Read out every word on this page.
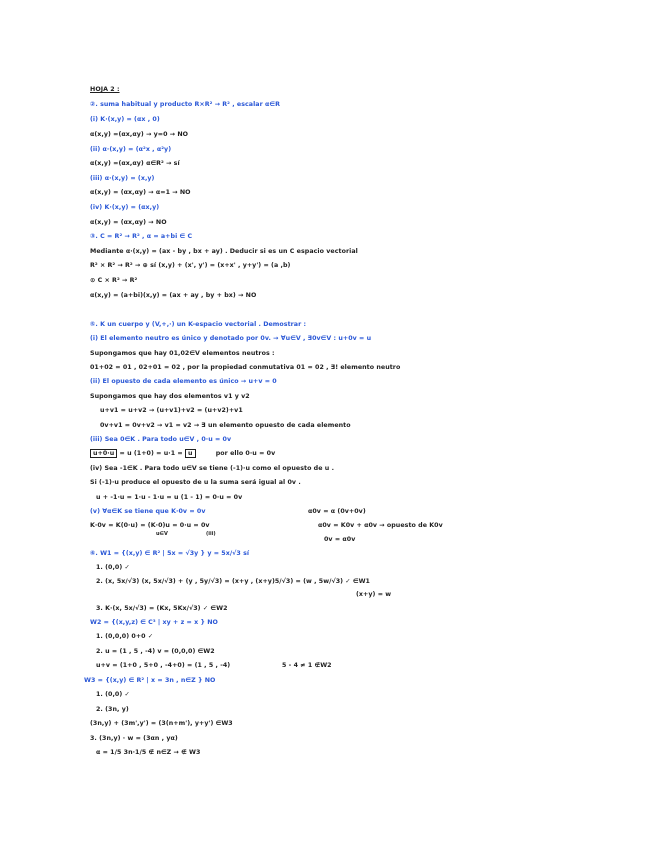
HOJA 2 :
②. suma habitual y producto R×R² → R² , escalar α∈R
(i) K·(x,y) = (αx , 0)
α(x,y) =(αx,αy) → y=0 → NO
(ii) α·(x,y) = (α²x , α²y)
α(x,y) =(αx,αy) α∈R² → sí
(iii) α·(x,y) = (x,y)
α(x,y) = (αx,αy) → α=1 → NO
(iv) K·(x,y) = (αx,y)
α(x,y) = (αx,αy) → NO
③. C = R² → R² , α = a+bi ∈ C
Mediante α·(x,y) = (ax - by , bx + ay) . Deducir si es un C espacio vectorial
R² × R² → R² → ⊕ sí (x,y) + (x', y') = (x+x' , y+y') = (a ,b)
⊙ C × R² → R²
α(x,y) = (a+bi)(x,y) = (ax + ay , by + bx) → NO
⑤. K un cuerpo y (V,+,·) un K-espacio vectorial . Demostrar :
(i) El elemento neutro es único y denotado por 0v. → ∀u∈V , ∃0v∈V : u+0v = u
Supongamos que hay 01,02∈V elementos neutros :
01+02 = 01 , 02+01 = 02 , por la propiedad conmutativa 01 = 02 , ∃! elemento neutro
(ii) El opuesto de cada elemento es único → u+v = 0
Supongamos que hay dos elementos v1 y v2
u+v1 = u+v2 → (u+v1)+v2 = (u+v2)+v1
0v+v1 = 0v+v2 → v1 = v2 → ∃ un elemento opuesto de cada elemento
(iii) Sea 0∈K . Para todo u∈V , 0·u = 0v
u+0·u = u (1+0) = u·1 = u	por ello 0·u = 0v
(iv) Sea -1∈K . Para todo u∈V se tiene (-1)·u como el opuesto de u .
Si (-1)·u produce el opuesto de u la suma será igual al 0v .
u + -1·u = 1·u - 1·u = u (1 - 1) = 0·u = 0v
(v) ∀α∈K se tiene que K·0v = 0v	α0v = α (0v+0v)
K·0v = K(0·u) = (K·0)u = 0·u = 0v	α0v = K0v + α0v → opuesto de K0v
u∈V	(iii)
0v = α0v
⑥. W1 = {(x,y) ∈ R² | 5x = √3y } y = 5x/√3 sí
1. (0,0) ✓
2. (x, 5x/√3) (x, 5x/√3) + (y , 5y/√3) = (x+y , (x+y)5/√3) = (w , 5w/√3) ✓ ∈W1
(x+y) = w
3. K·(x, 5x/√3) = (Kx, 5Kx/√3) ✓ ∈W2
W2 = {(x,y,z) ∈ C³ | xy + z = x } NO
1. (0,0,0) 0+0 ✓
2. u = (1 , 5 , -4) v = (0,0,0) ∈W2
u+v = (1+0 , 5+0 , -4+0) = (1 , 5 , -4)	5 - 4 ≠ 1 ∉W2
W3 = {(x,y) ∈ R² | x = 3n , n∈Z } NO
1. (0,0) ✓
2. (3n, y)
(3n,y) + (3m',y') = (3(n+m'), y+y') ∈W3
3. (3n,y) · w = (3αn , yα)
α = 1/5 3n·1/5 ∉ n∈Z → ∉ W3
